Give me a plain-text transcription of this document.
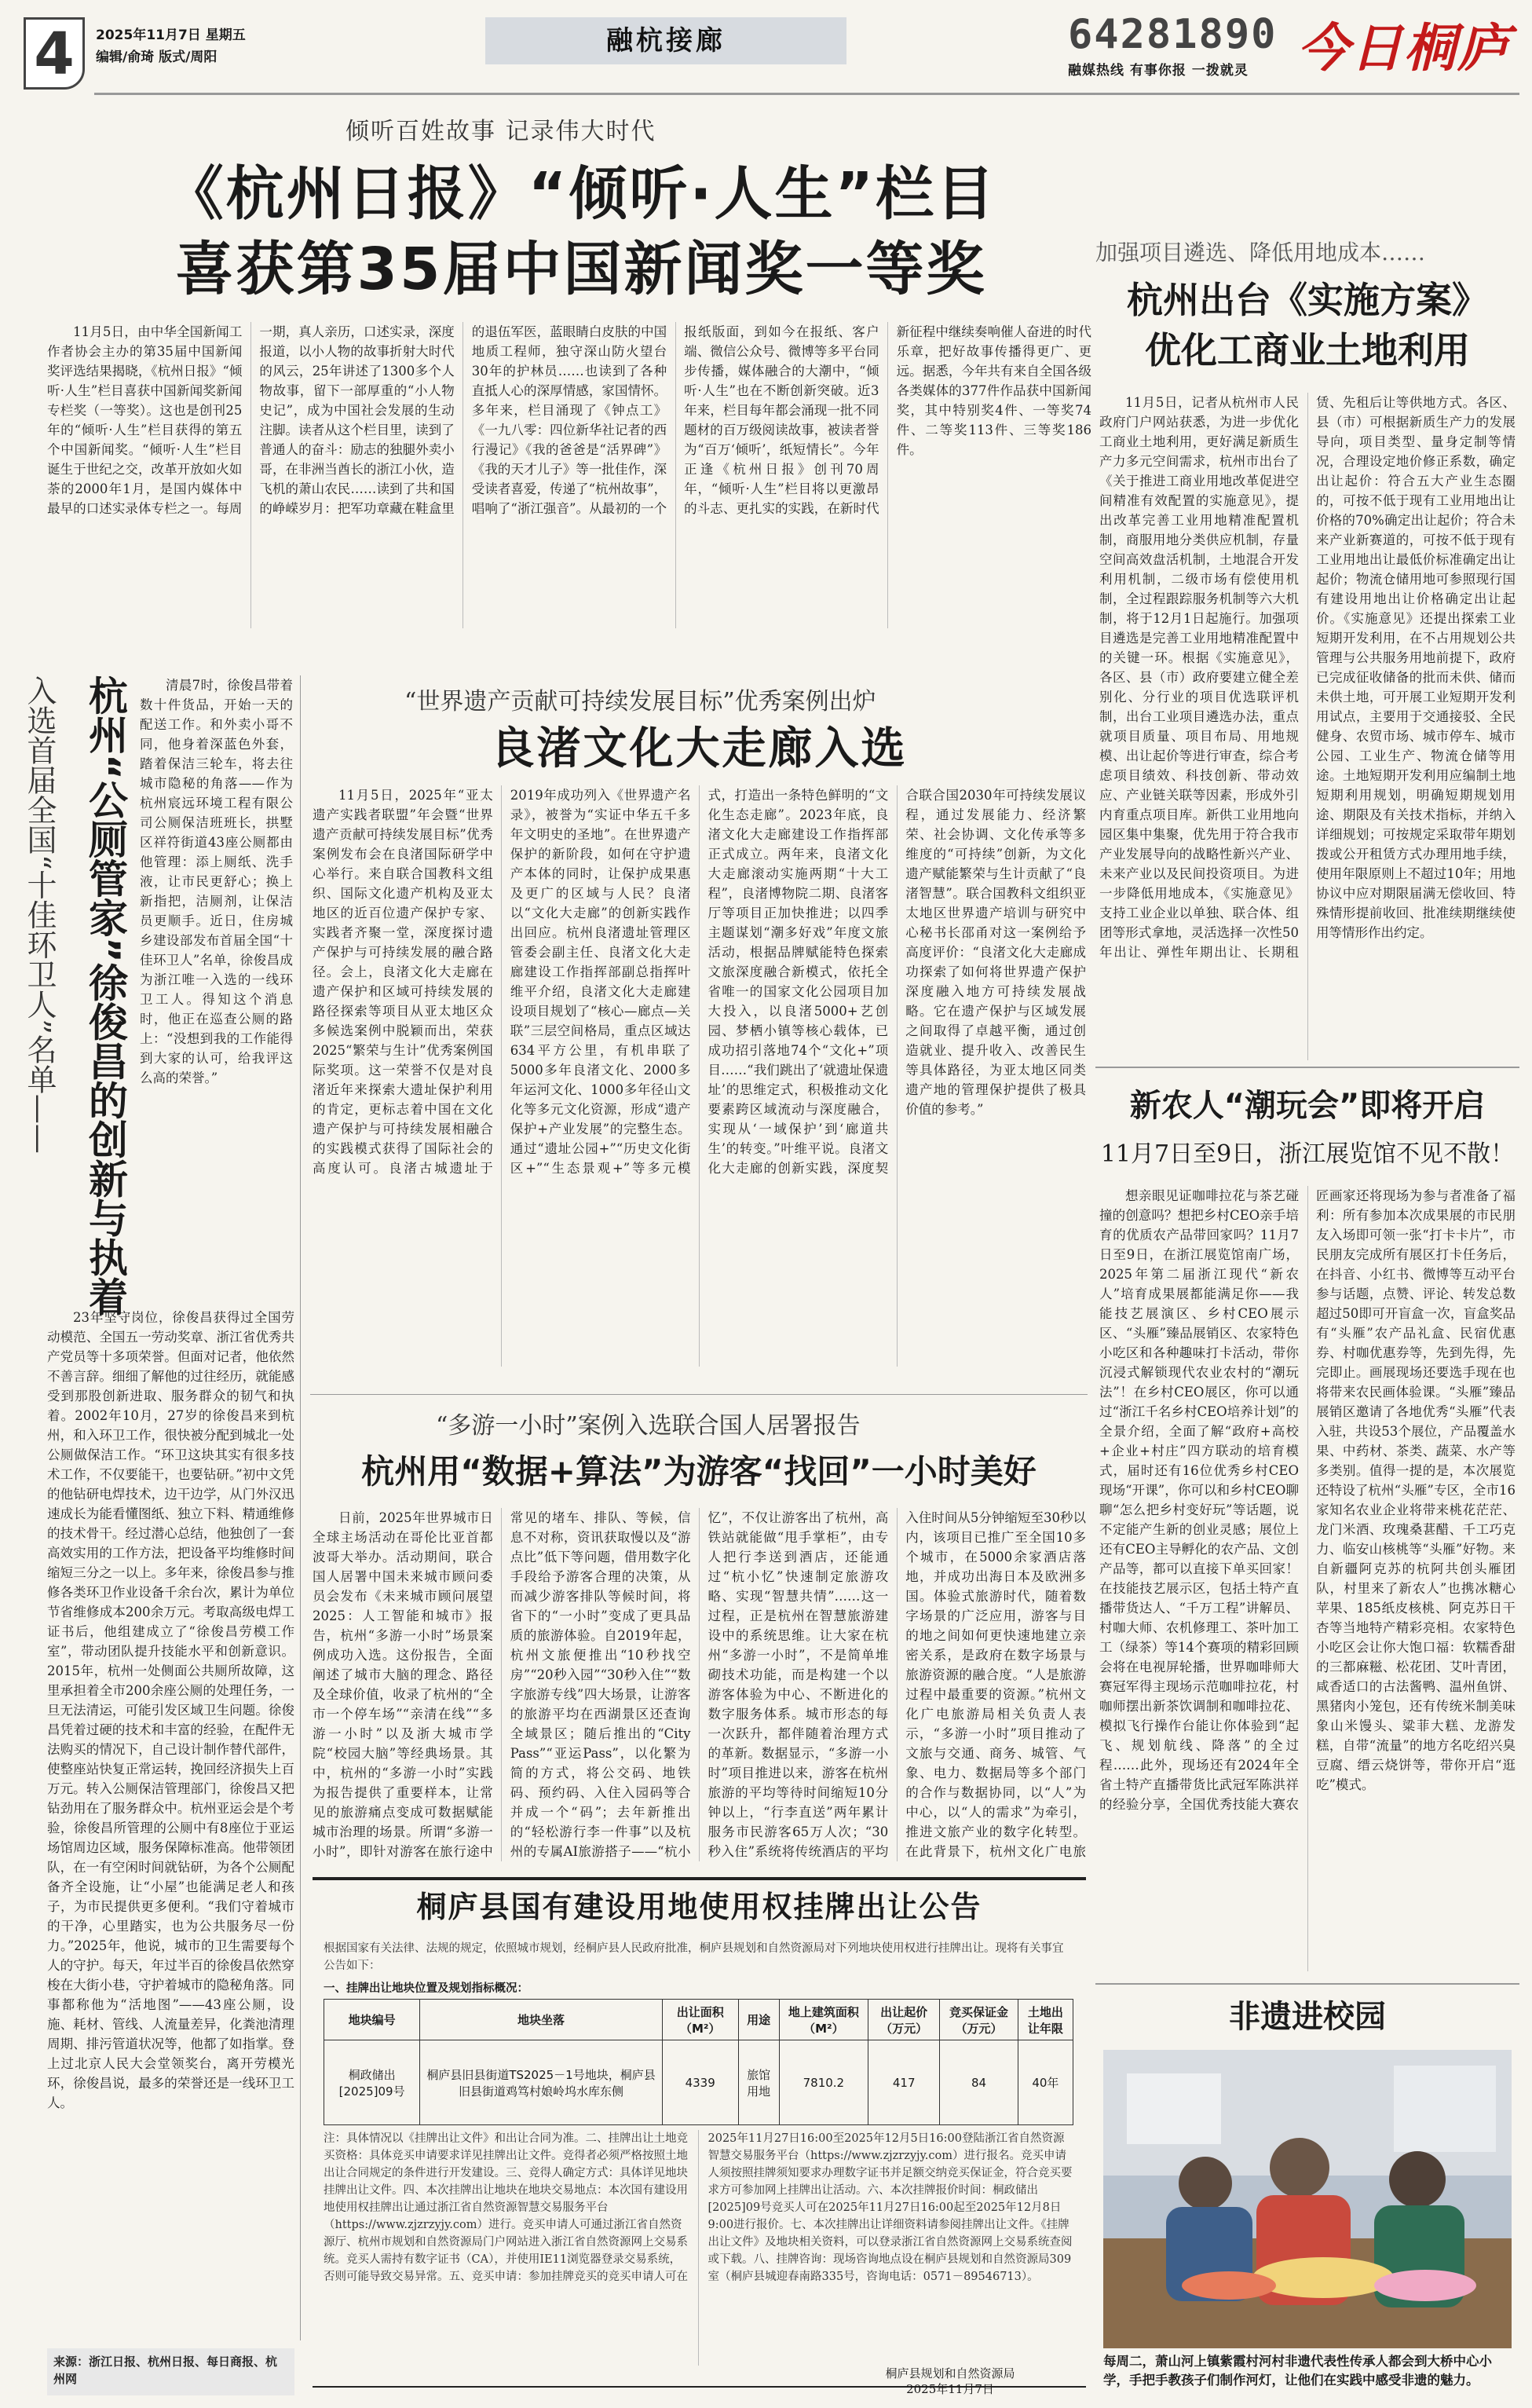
4	2025年11月7日 星期五
编辑/俞琦 版式/周阳
融杭接廊	64281890
融媒热线 有事你报 一拨就灵 今日桐庐
倾听百姓故事 记录伟大时代
《杭州日报》“倾听·人生”栏目
喜获第35届中国新闻奖一等奖
11月5日，由中华全国新闻工作者协会主办的第35届中国新闻奖评选结果揭晓，《杭州日报》“倾听·人生”栏目喜获中国新闻奖新闻专栏奖（一等奖）。这也是创刊25年的“倾听·人生”栏目获得的第五个中国新闻奖。“倾听·人生”栏目诞生于世纪之交，改革开放如火如荼的2000年1月，是国内媒体中最早的口述实录体专栏之一。每周一期，真人亲历，口述实录，深度报道，以小人物的故事折射大时代的风云，25年讲述了1300多个人物故事，留下一部厚重的“小人物史记”，成为中国社会发展的生动注脚。读者从这个栏目里，读到了普通人的奋斗：励志的独腿外卖小哥，在非洲当酋长的浙江小伙，造飞机的萧山农民……读到了共和国的峥嵘岁月：把军功章藏在鞋盒里的退伍军医，蓝眼睛白皮肤的中国地质工程师，独守深山防火望台30年的护林员……也读到了各种直抵人心的深厚情感，家国情怀。多年来，栏目涌现了《钟点工》《一九八零：四位新华社记者的西行漫记》《我的爸爸是“活界碑”》《我的天才儿子》等一批佳作，深受读者喜爱，传递了“杭州故事”，唱响了“浙江强音”。从最初的一个报纸版面，到如今在报纸、客户端、微信公众号、微博等多平台同步传播，媒体融合的大潮中，“倾听·人生”也在不断创新突破。近3年来，栏目每年都会涌现一批不同题材的百万级阅读故事，被读者誉为“百万‘倾听’，纸短情长”。今年正逢《杭州日报》创刊70周年，“倾听·人生”栏目将以更激昂的斗志、更扎实的实践，在新时代新征程中继续奏响催人奋进的时代乐章，把好故事传播得更广、更远。据悉，今年共有来自全国各级各类媒体的377件作品获中国新闻奖，其中特别奖4件、一等奖74件、二等奖113件、三等奖186件。
加强项目遴选、降低用地成本……
杭州出台《实施方案》
优化工商业土地利用
11月5日，记者从杭州市人民政府门户网站获悉，为进一步优化工商业土地利用，更好满足新质生产力多元空间需求，杭州市出台了《关于推进工商业用地改革促进空间精准有效配置的实施意见》，提出改革完善工业用地精准配置机制，商服用地分类供应机制，存量空间高效盘活机制，土地混合开发利用机制，二级市场有偿使用机制，全过程跟踪服务机制等六大机制，将于12月1日起施行。加强项目遴选是完善工业用地精准配置中的关键一环。根据《实施意见》，各区、县（市）政府要建立健全差别化、分行业的项目优选联评机制，出台工业项目遴选办法，重点就项目质量、项目布局、用地规模、出让起价等进行审查，综合考虑项目绩效、科技创新、带动效应、产业链关联等因素，形成外引内育重点项目库。新供工业用地向园区集中集聚，优先用于符合我市产业发展导向的战略性新兴产业、未来产业以及民间投资项目。为进一步降低用地成本，《实施意见》支持工业企业以单独、联合体、组团等形式拿地，灵活选择一次性50年出让、弹性年期出让、长期租赁、先租后让等供地方式。各区、县（市）可根据新质生产力的发展导向，项目类型、量身定制等情况，合理设定地价修正系数，确定出让起价：符合五大产业生态圈的，可按不低于现有工业用地出让价格的70%确定出让起价；符合未来产业新赛道的，可按不低于现有工业用地出让最低价标准确定出让起价；物流仓储用地可参照现行国有建设用地出让价格确定出让起价。《实施意见》还提出探索工业短期开发利用，在不占用规划公共管理与公共服务用地前提下，政府已完成征收储备的批而未供、储而未供土地，可开展工业短期开发利用试点，主要用于交通接驳、全民健身、农贸市场、城市停车、城市公园、工业生产、物流仓储等用途。土地短期开发利用应编制土地短期利用规划，明确短期规划用途、期限及有关技术指标，并纳入详细规划；可按规定采取带年期划拨或公开租赁方式办理用地手续，使用年限原则上不超过10年；用地协议中应对期限届满无偿收回、特殊情形提前收回、批准续期继续使用等情形作出约定。
入选首届全国“十佳环卫人”名单—— 杭州“公厕管家”徐俊昌的创新与执着	清晨7时，徐俊昌带着数十件货品，开始一天的配送工作。和外卖小哥不同，他身着深蓝色外套，踏着保洁三轮车，将去往城市隐秘的角落——作为杭州宸远环境工程有限公司公厕保洁班班长，拱墅区祥符街道43座公厕都由他管理：添上厕纸、洗手液，让市民更舒心；换上新指把，洁厕剂，让保洁员更顺手。近日，住房城乡建设部发布首届全国“十佳环卫人”名单，徐俊昌成为浙江唯一入选的一线环卫工人。得知这个消息时，他正在巡查公厕的路上：“没想到我的工作能得到大家的认可，给我评这么高的荣誉。”
23年坚守岗位，徐俊昌获得过全国劳动模范、全国五一劳动奖章、浙江省优秀共产党员等十多项荣誉。但面对记者，他依然不善言辞。细细了解他的过往经历，就能感受到那股创新进取、服务群众的韧气和执着。2002年10月，27岁的徐俊昌来到杭州，和入环卫工作，很快被分配到城北一处公厕做保洁工作。“环卫这块其实有很多技术工作，不仅要能干，也要钻研。”初中文凭的他钻研电焊技术，边干边学，从门外汉迅速成长为能看懂图纸、独立下料、精通维修的技术骨干。经过潜心总结，他独创了一套高效实用的工作方法，把设备平均维修时间缩短三分之一以上。多年来，徐俊昌参与推修各类环卫作业设备千余台次，累计为单位节省维修成本200余万元。考取高级电焊工证书后，他组建成立了“徐俊昌劳模工作室”，带动团队提升技能水平和创新意识。2015年，杭州一处侧面公共厕所故障，这里承担着全市200余座公厕的处理任务，一旦无法清运，可能引发区域卫生问题。徐俊昌凭着过硬的技术和丰富的经验，在配件无法购买的情况下，自己设计制作替代部件，使整座站快复正常运转，挽回经济损失上百万元。转入公厕保洁管理部门，徐俊昌又把钻劲用在了服务群众中。杭州亚运会是个考验，徐俊昌所管理的公厕中有8座位于亚运场馆周边区域，服务保障标准高。他带领团队，在一有空闲时间就钻研，为各个公厕配备齐全设施，让“小屋”也能满足老人和孩子，为市民提供更多便利。“我们守着城市的干净，心里踏实，也为公共服务尽一份力。”2025年，他说，城市的卫生需要每个人的守护。每天，年过半百的徐俊昌依然穿梭在大街小巷，守护着城市的隐秘角落。同事都称他为“活地图”——43座公厕，设施、耗材、管线、人流量差异，化粪池清理周期、排污管道状况等，他都了如指掌。登上过北京人民大会堂领奖台，离开劳模光环，徐俊昌说，最多的荣誉还是一线环卫工人。
“世界遗产贡献可持续发展目标”优秀案例出炉
良渚文化大走廊入选
11月5日，2025年“亚太遗产实践者联盟”年会暨“世界遗产贡献可持续发展目标”优秀案例发布会在良渚国际研学中心举行。来自联合国教科文组织、国际文化遗产机构及亚太地区的近百位遗产保护专家、实践者齐聚一堂，深度探讨遗产保护与可持续发展的融合路径。会上，良渚文化大走廊在遗产保护和区域可持续发展的路径探索等项目从亚太地区众多候选案例中脱颖而出，荣获2025“繁荣与生计”优秀案例国际奖项。这一荣誉不仅是对良渚近年来探索大遗址保护利用的肯定，更标志着中国在文化遗产保护与可持续发展相融合的实践模式获得了国际社会的高度认可。良渚古城遗址于2019年成功列入《世界遗产名录》，被誉为“实证中华五千多年文明史的圣地”。在世界遗产保护的新阶段，如何在守护遗产本体的同时，让保护成果惠及更广的区域与人民？良渚以“文化大走廊”的创新实践作出回应。杭州良渚遗址管理区管委会副主任、良渚文化大走廊建设工作指挥部副总指挥叶维平介绍，良渚文化大走廊建设项目规划了“核心—廊点—关联”三层空间格局，重点区域达634平方公里，有机串联了5000多年良渚文化、2000多年运河文化、1000多年径山文化等多元文化资源，形成“遗产保护+产业发展”的完整生态。通过“遗址公园+”“历史文化街区+”“生态景观+”等多元模式，打造出一条特色鲜明的“文化生态走廊”。2023年底，良渚文化大走廊建设工作指挥部正式成立。两年来，良渚文化大走廊滚动实施两期“十大工程”，良渚博物院二期、良渚客厅等项目正加快推进；以四季主题谋划“潮多好戏”年度文旅活动，根据品牌赋能特色探索文旅深度融合新模式，依托全省唯一的国家文化公园项目加大投入，以良渚5000+艺创园、梦栖小镇等核心载体，已成功招引落地74个“文化+”项目……“我们跳出了‘就遗址保遗址’的思维定式，积极推动文化要素跨区域流动与深度融合，实现从‘一域保护’到‘廊道共生’的转变。”叶维平说。良渚文化大走廊的创新实践，深度契合联合国2030年可持续发展议程，通过发展能力、经济繁荣、社会协调、文化传承等多维度的“可持续”创新，为文化遗产赋能繁荣与生计贡献了“良渚智慧”。联合国教科文组织亚太地区世界遗产培训与研究中心秘书长邵甬对这一案例给予高度评价：“良渚文化大走廊成功探索了如何将世界遗产保护深度融入地方可持续发展战略。它在遗产保护与区域发展之间取得了卓越平衡，通过创造就业、提升收入、改善民生等具体路径，为亚太地区同类遗产地的管理保护提供了极具价值的参考。”
“多游一小时”案例入选联合国人居署报告
杭州用“数据+算法”为游客“找回”一小时美好
日前，2025年世界城市日全球主场活动在哥伦比亚首都波哥大举办。活动期间，联合国人居署中国未来城市顾问委员会发布《未来城市顾问展望2025：人工智能和城市》报告，杭州“多游一小时”场景案例成功入选。这份报告，全面阐述了城市大脑的理念、路径及全球价值，收录了杭州的“全市一个停车场”“亲清在线”“多游一小时”以及浙大城市学院“校园大脑”等经典场景。其中，杭州的“多游一小时”实践为报告提供了重要样本，让常见的旅游痛点变成可数据赋能城市治理的场景。所谓“多游一小时”，即针对游客在旅行途中常见的堵车、排队、等候，信息不对称，资讯获取慢以及“游点比”低下等问题，借用数字化手段给予游客合理的决策，从而减少游客排队等候时间，将省下的“一小时”变成了更具品质的旅游体验。自2019年起，杭州文旅便推出“10秒找空房”“20秒入园”“30秒入住”“数字旅游专线”四大场景，让游客的旅游平均在西湖景区还查询全域景区；随后推出的“City Pass”“亚运Pass”，以化繁为简的方式，将公交码、地铁码、预约码、入住入园码等合并成一个“码”；去年新推出的“轻松游行李一件事”以及杭州的专属AI旅游搭子——“杭小忆”，不仅让游客出了杭州，高铁站就能做“甩手掌柜”，由专人把行李送到酒店，还能通过“杭小忆”快速制定旅游攻略、实现“智慧共情”……这一过程，正是杭州在智慧旅游建设中的系统思维。让大家在杭州“多游一小时”，不是简单堆砌技术功能，而是构建一个以游客体验为中心、不断进化的数字服务体系。城市形态的每一次跃升，都伴随着治理方式的革新。数据显示，“多游一小时”项目推进以来，游客在杭州旅游的平均等待时间缩短10分钟以上，“行李直送”两年累计服务市民游客65万人次；“30秒入住”系统将传统酒店的平均入住时间从5分钟缩短至30秒以内，该项目已推广至全国10多个城市，在5000余家酒店落地，并成功出海日本及欧洲多国。体验式旅游时代，随着数字场景的广泛应用，游客与目的地之间如何更快速地建立亲密关系，是政府在数字场景与旅游资源的融合度。“人是旅游过程中最重要的资源。”杭州文化广电旅游局相关负责人表示，“多游一小时”项目推动了文旅与交通、商务、城管、气象、电力、数据局等多个部门的合作与数据协同，以“人”为中心，以“人的需求”为牵引，推进文旅产业的数字化转型。在此背景下，杭州文化广电旅
桐庐县国有建设用地使用权挂牌出让公告
根据国家有关法律、法规的规定，依照城市规划，经桐庐县人民政府批准，桐庐县规划和自然资源局对下列地块使用权进行挂牌出让。现将有关事宜公告如下：
一、挂牌出让地块位置及规划指标概况：
地块编号	地块坐落	出让面积（M²）	用途	地上建筑面积（M²）	出让起价（万元）	竞买保证金（万元）	土地出让年限
桐政储出[2025]09号	桐庐县旧县街道TS2025－1号地块，桐庐县旧县街道鸡笃村娘岭坞水库东侧	4339	旅馆用地	7810.2	417	84	40年
注：具体情况以《挂牌出让文件》和出让合同为准。二、挂牌出让土地竞买资格：具体竞买申请要求详见挂牌出让文件。竞得者必须严格按照土地出让合同规定的条件进行开发建设。三、竞得人确定方式：具体详见地块挂牌出让文件。四、本次挂牌出让地块在地块交易地点：本次国有建设用地使用权挂牌出让通过浙江省自然资源智慧交易服务平台（https://www.zjzrzyjy.com）进行。竞买申请人可通过浙江省自然资源厅、杭州市规划和自然资源局门户网站进入浙江省自然资源网上交易系统。竞买人需持有数字证书（CA），并使用IE11浏览器登录交易系统，否则可能导致交易异常。五、竞买申请：参加挂牌竞买的竞买申请人可在2025年11月27日16:00至2025年12月5日16:00登陆浙江省自然资源智慧交易服务平台（https://www.zjzrzyjy.com）进行报名。竞买申请人须按照挂牌须知要求办理数字证书并足额交纳竞买保证金，符合竞买要求方可参加网上挂牌出让活动。六、本次挂牌报价时间：桐政储出[2025]09号竞买人可在2025年11月27日16:00起至2025年12月8日9:00进行报价。七、本次挂牌出让详细资料请参阅挂牌出让文件。《挂牌出让文件》及地块相关资料，可以登录浙江省自然资源网上交易系统查阅或下载。八、挂牌咨询：现场咨询地点设在桐庐县规划和自然资源局309室（桐庐县城迎春南路335号，咨询电话：0571－89546713）。
桐庐县规划和自然资源局
2025年11月7日
新农人“潮玩会”即将开启
11月7日至9日，浙江展览馆不见不散！
想亲眼见证咖啡拉花与茶艺碰撞的创意吗？想把乡村CEO亲手培育的优质农产品带回家吗？11月7日至9日，在浙江展览馆南广场，2025年第二届浙江现代“新农人”培育成果展都能满足你——我能技艺展演区、乡村CEO展示区、“头雁”臻品展销区、农家特色小吃区和各种趣味打卡活动，带你沉浸式解锁现代农业农村的“潮玩法”！在乡村CEO展区，你可以通过“浙江千名乡村CEO培养计划”的全景介绍，全面了解“政府+高校+企业+村庄”四方联动的培育模式，届时还有16位优秀乡村CEO现场“开课”，你可以和乡村CEO聊聊“怎么把乡村变好玩”等话题，说不定能产生新的创业灵感；展位上还有CEO主导孵化的农产品、文创产品等，都可以直接下单买回家！在技能技艺展示区，包括土特产直播带货达人、“千万工程”讲解员、村咖大师、农机修理工、茶叶加工工（绿茶）等14个赛项的精彩回顾会将在电视屏轮播，世界咖啡师大赛冠军得主现场示范咖啡拉花，村咖师摆出新茶饮调制和咖啡拉花、模拟飞行操作台能让你体验到“起飞、规划航线、降落”的全过程……此外，现场还有2024年全省土特产直播带货比武冠军陈洪祥的经验分享，全国优秀技能大赛农匠画家还将现场为参与者准备了福利：所有参加本次成果展的市民朋友入场即可领一张“打卡卡片”，市民朋友完成所有展区打卡任务后，在抖音、小红书、微博等互动平台参与话题，点赞、评论、转发总数超过50即可开盲盒一次，盲盒奖品有“头雁”农产品礼盒、民宿优惠券、村咖优惠券等，先到先得，先完即止。画展现场还要选手现在也将带来农民画体验课。“头雁”臻品展销区邀请了各地优秀“头雁”代表入驻，共设53个展位，产品覆盖水果、中药材、茶类、蔬菜、水产等多类别。值得一提的是，本次展览还特设了杭州“头雁”专区，全市16家知名农业企业将带来桃花茫茫、龙门米酒、玫瑰桑葚醋、千工巧克力、临安山核桃等“头雁”好物。来自新疆阿克苏的杭阿共创头雁团队，村里来了新农人”也携冰糖心苹果、185纸皮核桃、阿克苏日干杏等当地特产精彩亮相。农家特色小吃区会让你大饱口福：软糯香甜的三都麻糍、松花团、艾叶青团，咸香适口的古法酱鸭、温州鱼饼、黑猪肉小笼包，还有传统米制美味象山米馒头、粱菲大糕、龙游发糕，自带“流量”的地方名吃绍兴臭豆腐、缙云烧饼等，带你开启“逛吃”模式。
非遗进校园
每周二，萧山河上镇紫霞村河村非遗代表性传承人都会到大桥中心小学，手把手教孩子们制作河灯，让他们在实践中感受非遗的魅力。
来源：浙江日报、杭州日报、每日商报、杭州网
